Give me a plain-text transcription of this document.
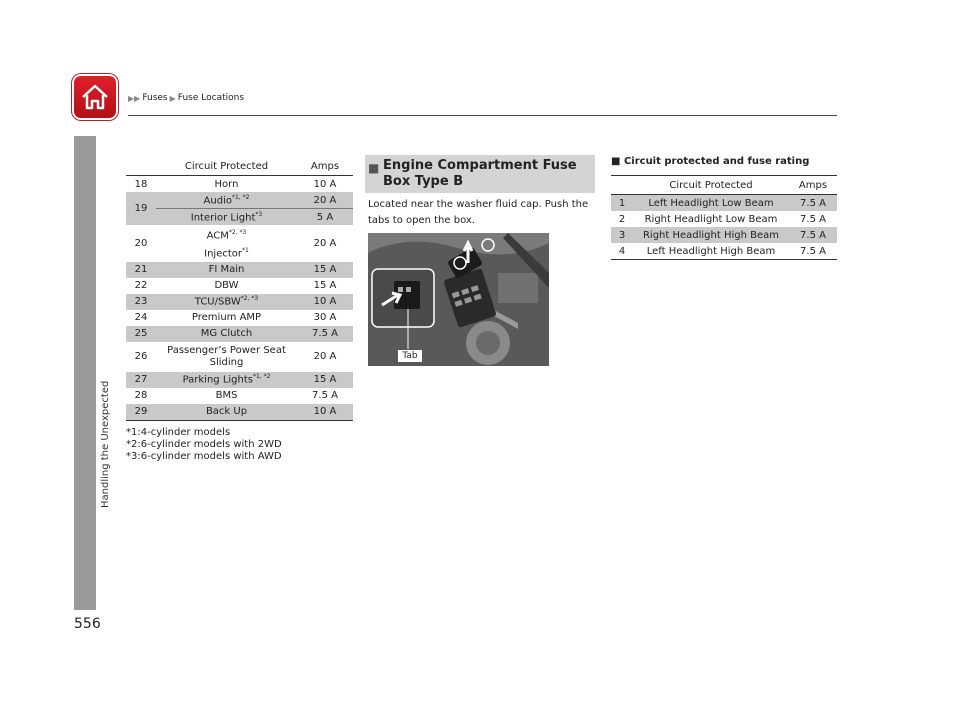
▶▶ Fuses ▶ Fuse Locations
Handling the Unexpected
556
	Circuit Protected	Amps
18	Horn	10 A
19	Audio$^{*1, *2}$	20 A
	Interior Light$^{*3}$	5 A
20	$ACM^{*2, *3}$
Injector$^{*1}$	20 A
21	FI Main	15 A
22	DBW	15 A
23	TCU/$SBW^{*2, *3}$	10 A
24	Premium AMP	30 A
25	MG Clutch	7.5 A
26	Passenger’s Power Seat
Sliding	20 A
27	Parking Lights$^{*1, *2}$	15 A
28	BMS	7.5 A
29	Back Up	10 A
*1:4-cylinder models
*2:6-cylinder models with 2WD
*3:6-cylinder models with AWD
■ Engine Compartment Fuse
Box Type B
Located near the washer fluid cap. Push the tabs to open the box.
Tab
■ Circuit protected and fuse rating
	Circuit Protected	Amps
1	Left Headlight Low Beam	7.5 A
2	Right Headlight Low Beam	7.5 A
3	Right Headlight High Beam	7.5 A
4	Left Headlight High Beam	7.5 A
